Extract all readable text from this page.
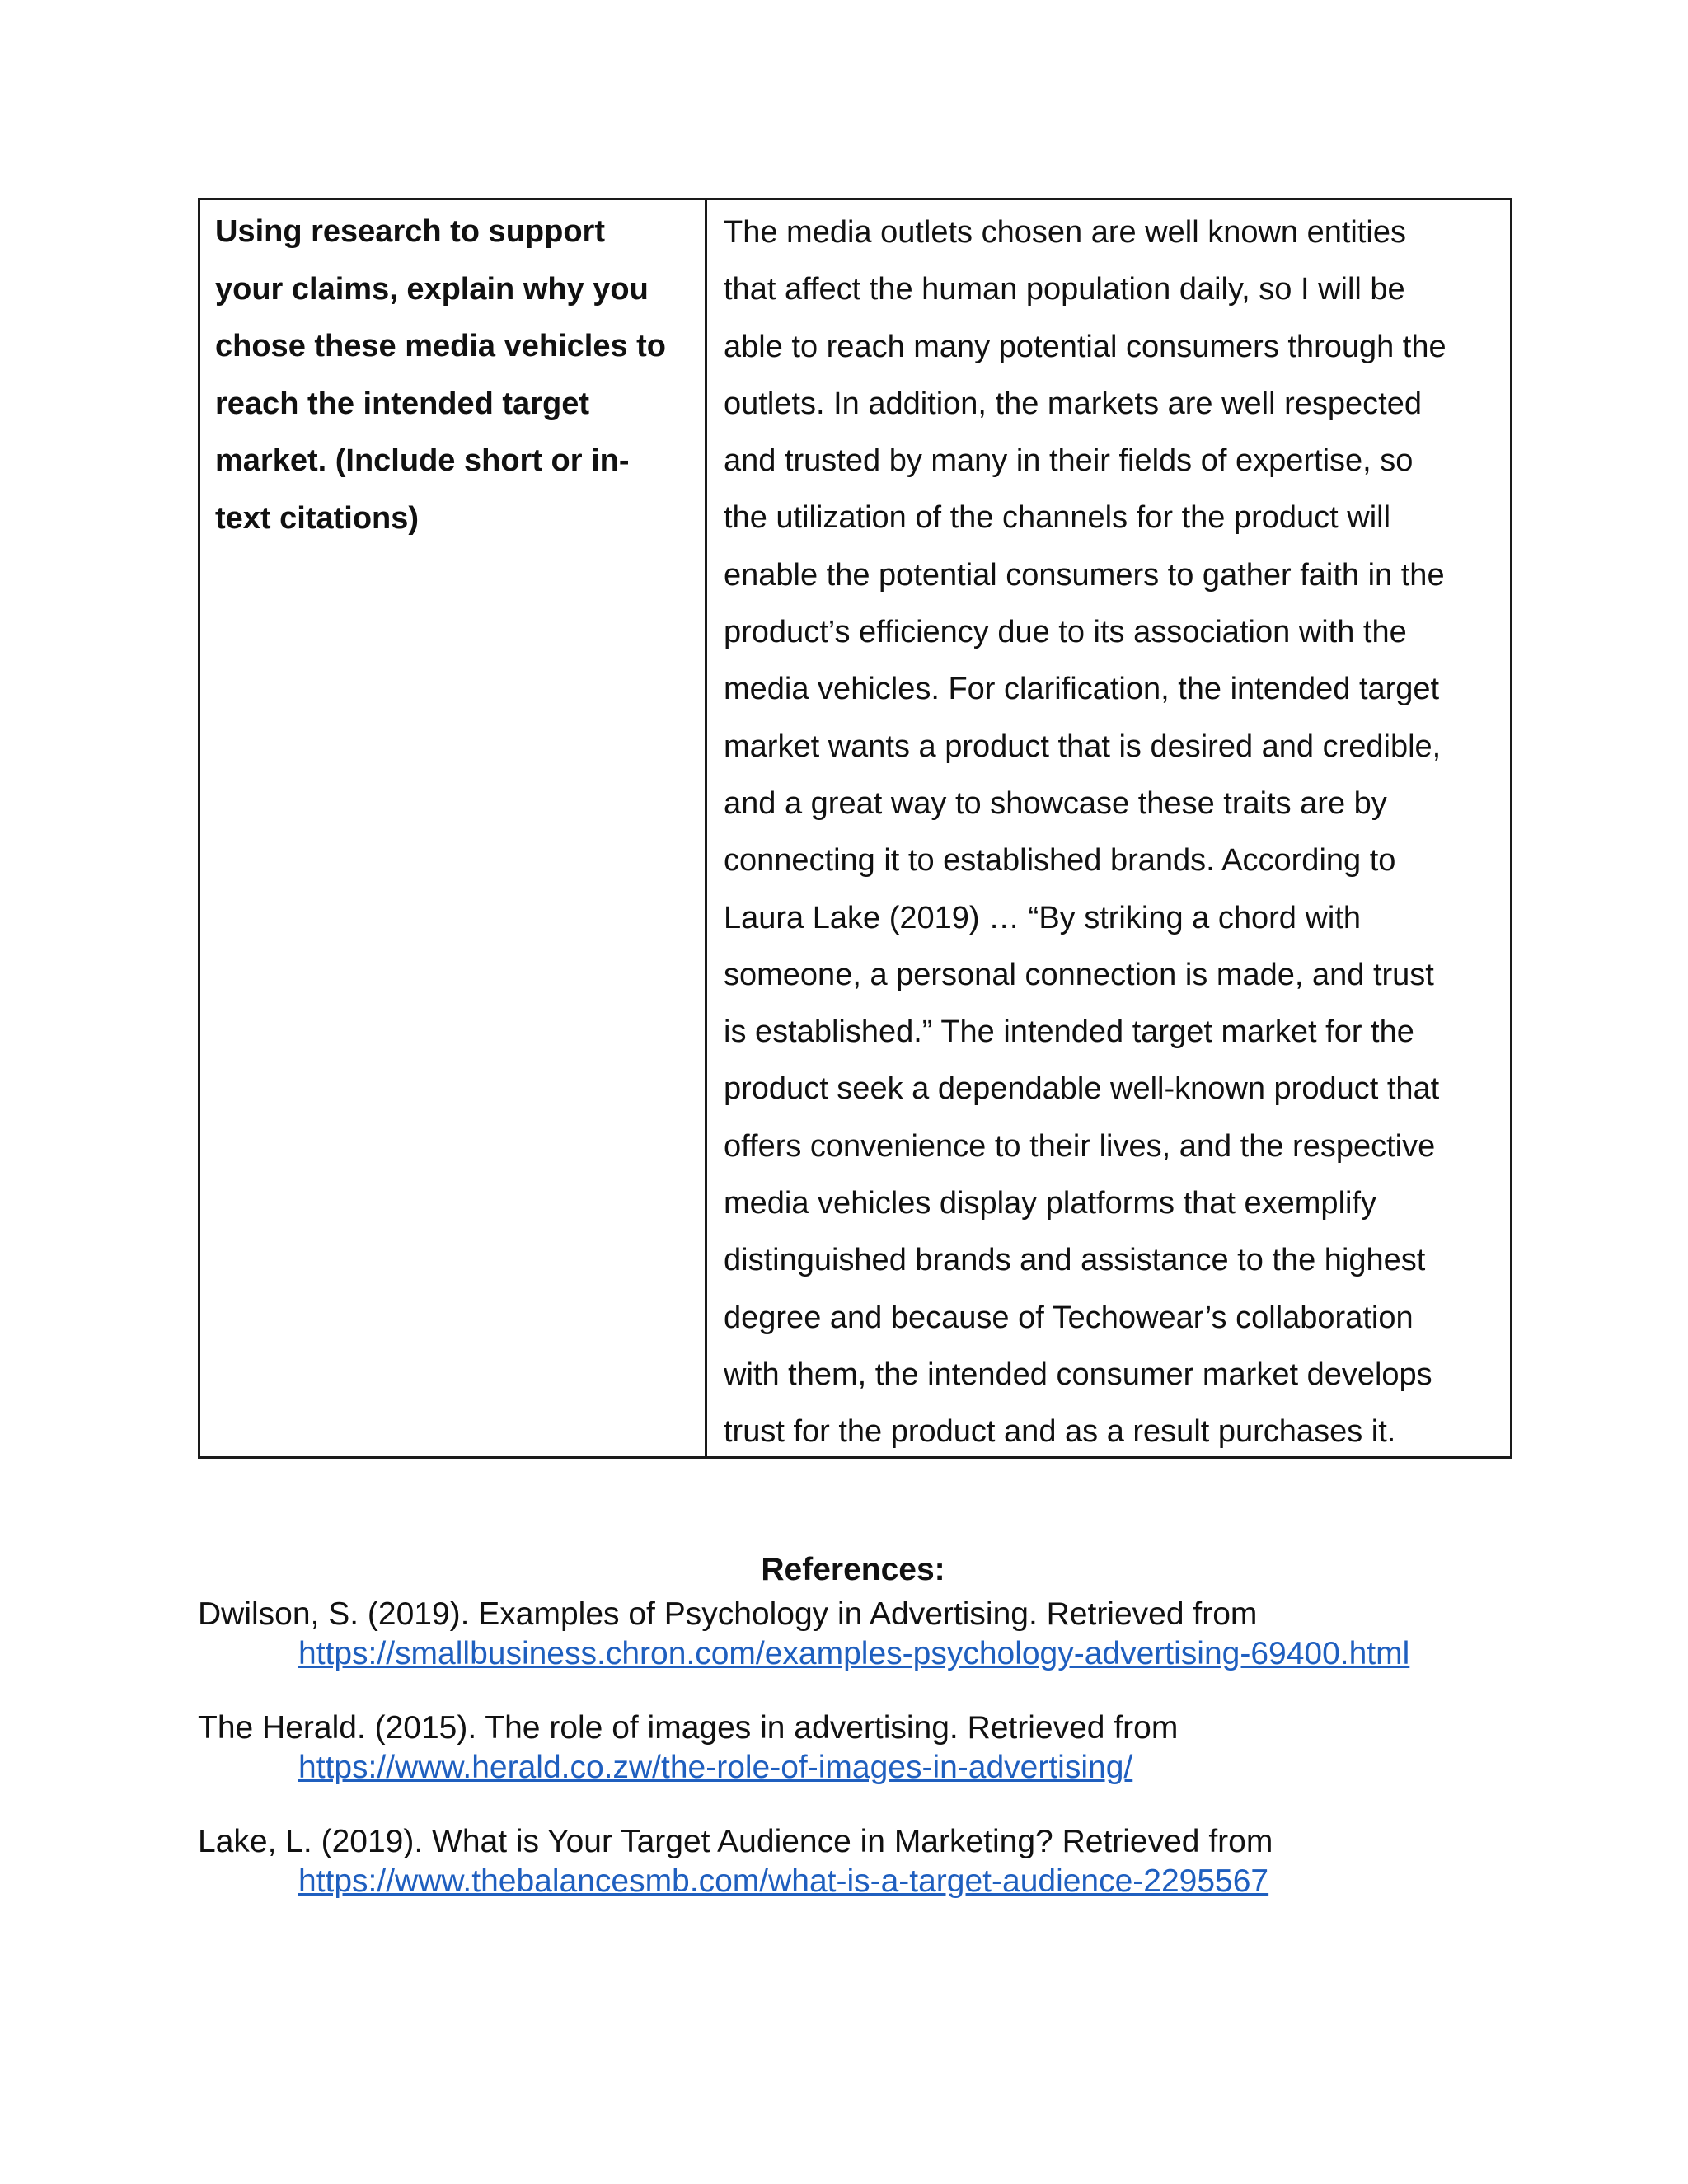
Using research to support
your claims, explain why you
chose these media vehicles to
reach the intended target
market. (Include short or in-
text citations)
The media outlets chosen are well known entities
that affect the human population daily, so I will be
able to reach many potential consumers through the
outlets. In addition, the markets are well respected
and trusted by many in their fields of expertise, so
the utilization of the channels for the product will
enable the potential consumers to gather faith in the
product’s efficiency due to its association with the
media vehicles. For clarification, the intended target
market wants a product that is desired and credible,
and a great way to showcase these traits are by
connecting it to established brands. According to
Laura Lake (2019) … “By striking a chord with
someone, a personal connection is made, and trust
is established.” The intended target market for the
product seek a dependable well-known product that
offers convenience to their lives, and the respective
media vehicles display platforms that exemplify
distinguished brands and assistance to the highest
degree and because of Techowear’s collaboration
with them, the intended consumer market develops
trust for the product and as a result purchases it.

References:

Dwilson, S. (2019). Examples of Psychology in Advertising. Retrieved from
https://smallbusiness.chron.com/examples-psychology-advertising-69400.html

The Herald. (2015). The role of images in advertising. Retrieved from
https://www.herald.co.zw/the-role-of-images-in-advertising/

Lake, L. (2019). What is Your Target Audience in Marketing? Retrieved from
https://www.thebalancesmb.com/what-is-a-target-audience-2295567
